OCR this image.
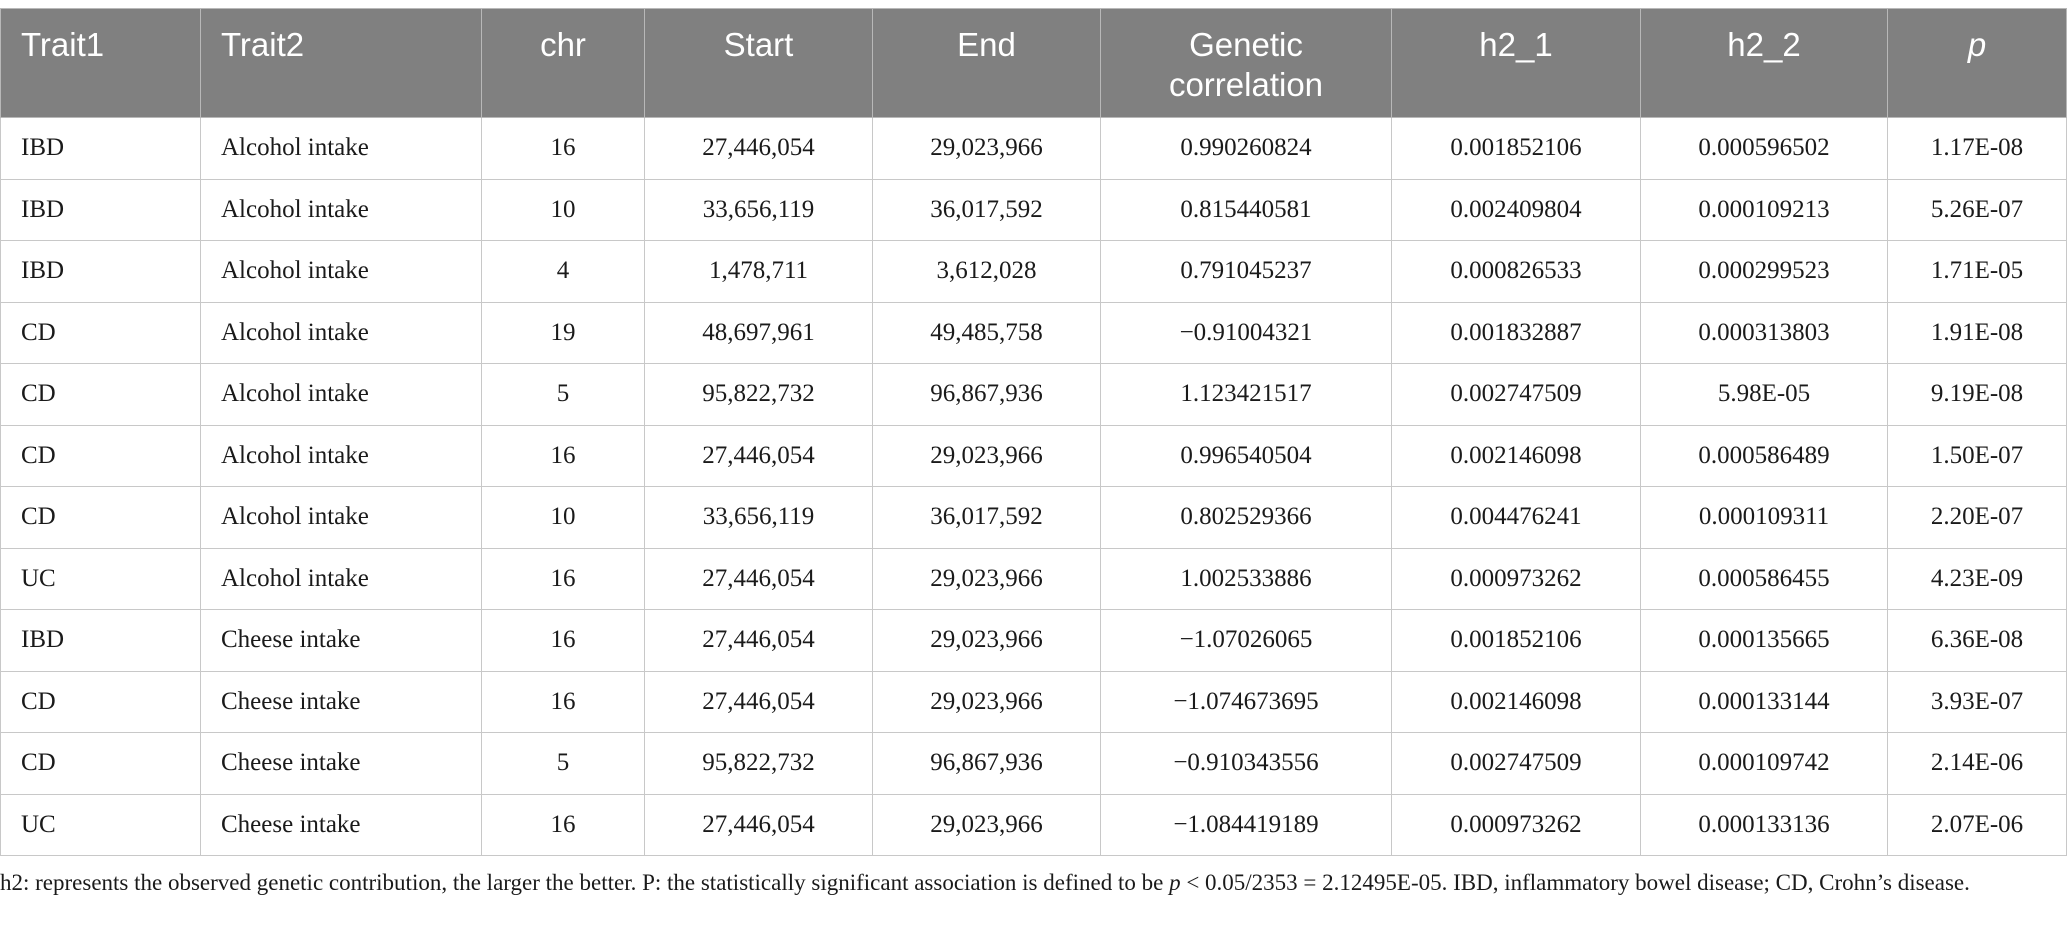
Trait1	Trait2	chr	Start	End	Genetic correlation	h2_1	h2_2	p
IBD	Alcohol intake	16	27,446,054	29,023,966	0.990260824	0.001852106	0.000596502	1.17E-08
IBD	Alcohol intake	10	33,656,119	36,017,592	0.815440581	0.002409804	0.000109213	5.26E-07
IBD	Alcohol intake	4	1,478,711	3,612,028	0.791045237	0.000826533	0.000299523	1.71E-05
CD	Alcohol intake	19	48,697,961	49,485,758	−0.91004321	0.001832887	0.000313803	1.91E-08
CD	Alcohol intake	5	95,822,732	96,867,936	1.123421517	0.002747509	5.98E-05	9.19E-08
CD	Alcohol intake	16	27,446,054	29,023,966	0.996540504	0.002146098	0.000586489	1.50E-07
CD	Alcohol intake	10	33,656,119	36,017,592	0.802529366	0.004476241	0.000109311	2.20E-07
UC	Alcohol intake	16	27,446,054	29,023,966	1.002533886	0.000973262	0.000586455	4.23E-09
IBD	Cheese intake	16	27,446,054	29,023,966	−1.07026065	0.001852106	0.000135665	6.36E-08
CD	Cheese intake	16	27,446,054	29,023,966	−1.074673695	0.002146098	0.000133144	3.93E-07
CD	Cheese intake	5	95,822,732	96,867,936	−0.910343556	0.002747509	0.000109742	2.14E-06
UC	Cheese intake	16	27,446,054	29,023,966	−1.084419189	0.000973262	0.000133136	2.07E-06
h2: represents the observed genetic contribution, the larger the better. P: the statistically significant association is defined to be p < 0.05/2353 = 2.12495E-05. IBD, inflammatory bowel disease; CD, Crohn’s disease.
